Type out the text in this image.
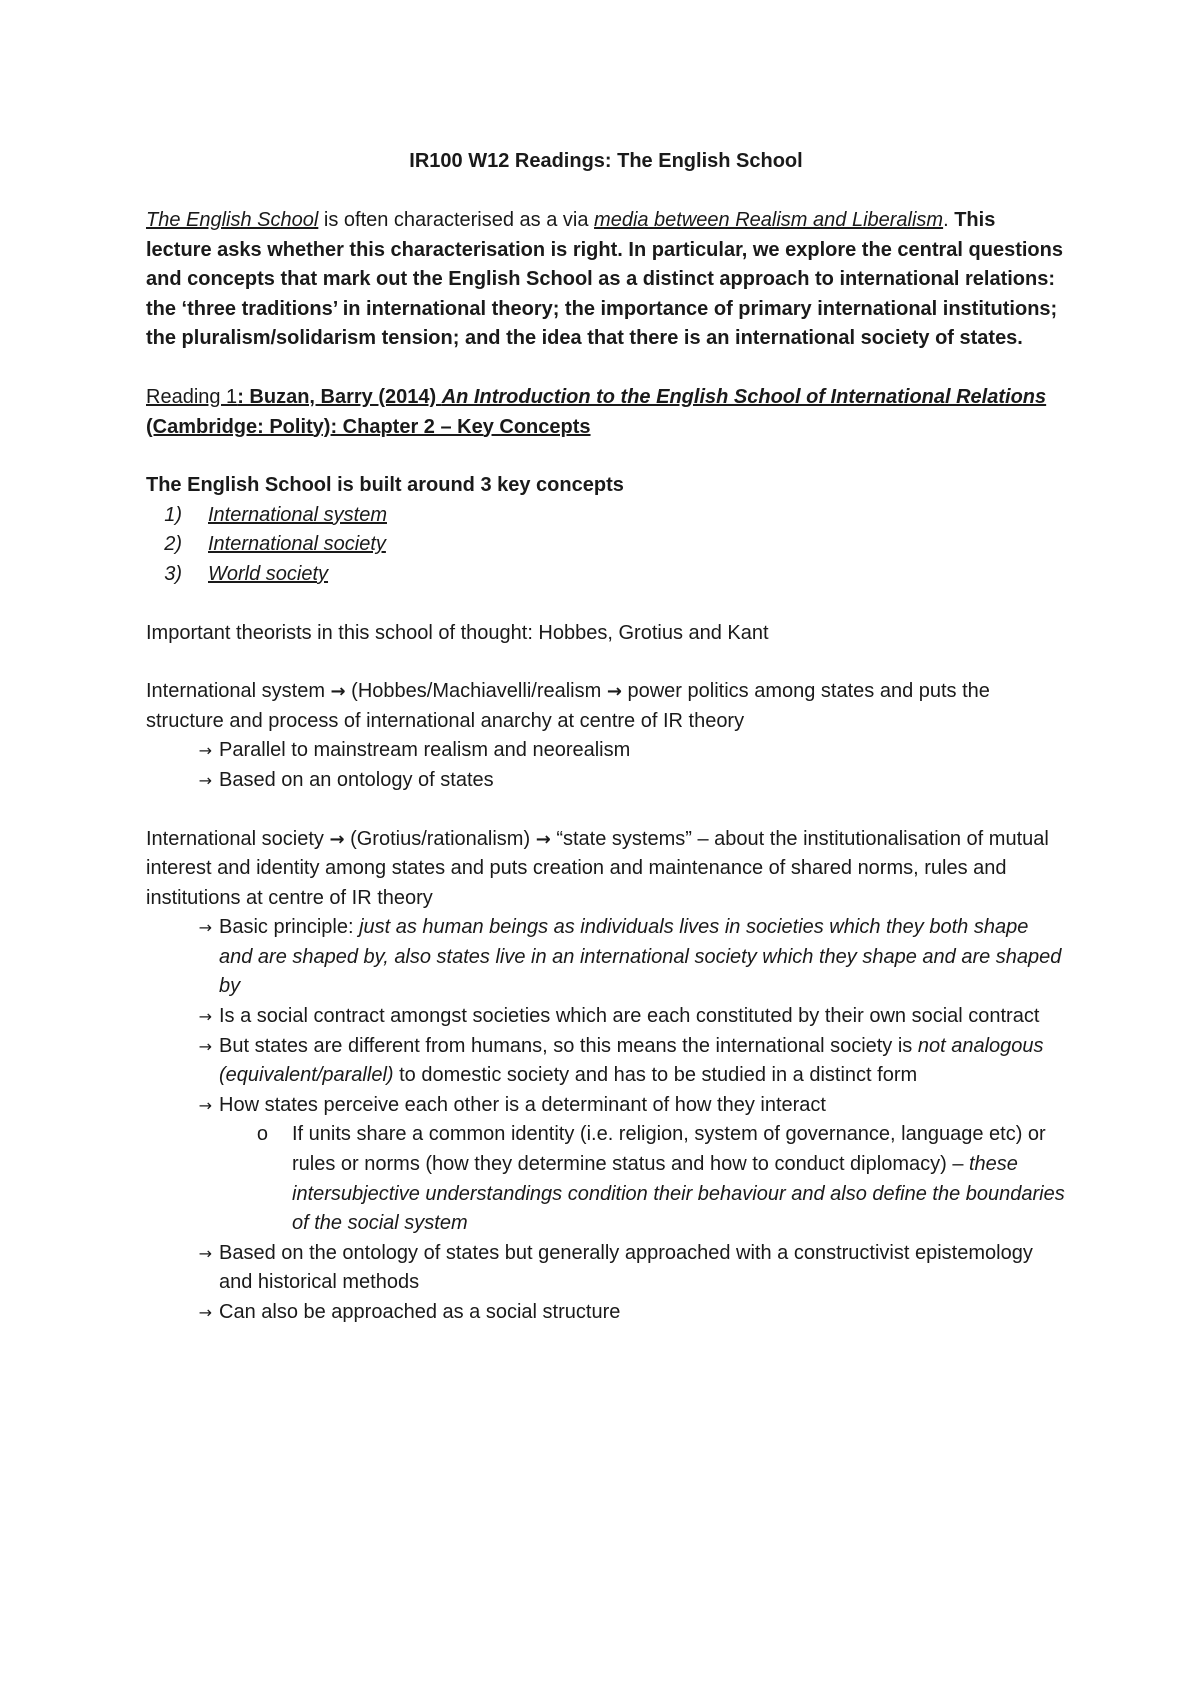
IR100 W12 Readings: The English School

The English School is often characterised as a via media between Realism and Liberalism. This lecture asks whether this characterisation is right. In particular, we explore the central questions and concepts that mark out the English School as a distinct approach to international relations: the ‘three traditions’ in international theory; the importance of primary international institutions; the pluralism/solidarism tension; and the idea that there is an international society of states.

Reading 1: Buzan, Barry (2014) An Introduction to the English School of International Relations (Cambridge: Polity): Chapter 2 – Key Concepts

The English School is built around 3 key concepts

1)	International system
2)	International society
3)	World society

Important theorists in this school of thought: Hobbes, Grotius and Kant

International system → (Hobbes/Machiavelli/realism → power politics among states and puts the structure and process of international anarchy at centre of IR theory

→ Parallel to mainstream realism and neorealism
→ Based on an ontology of states

International society → (Grotius/rationalism) → “state systems” – about the institutionalisation of mutual interest and identity among states and puts creation and maintenance of shared norms, rules and institutions at centre of IR theory

→ Basic principle: just as human beings as individuals lives in societies which they both shape and are shaped by, also states live in an international society which they shape and are shaped by
→ Is a social contract amongst societies which are each constituted by their own social contract
→ But states are different from humans, so this means the international society is not analogous (equivalent/parallel) to domestic society and has to be studied in a distinct form
→ How states perceive each other is a determinant of how they interact
o	If units share a common identity (i.e. religion, system of governance, language etc) or rules or norms (how they determine status and how to conduct diplomacy) – these intersubjective understandings condition their behaviour and also define the boundaries of the social system
→ Based on the ontology of states but generally approached with a constructivist epistemology and historical methods
→ Can also be approached as a social structure
